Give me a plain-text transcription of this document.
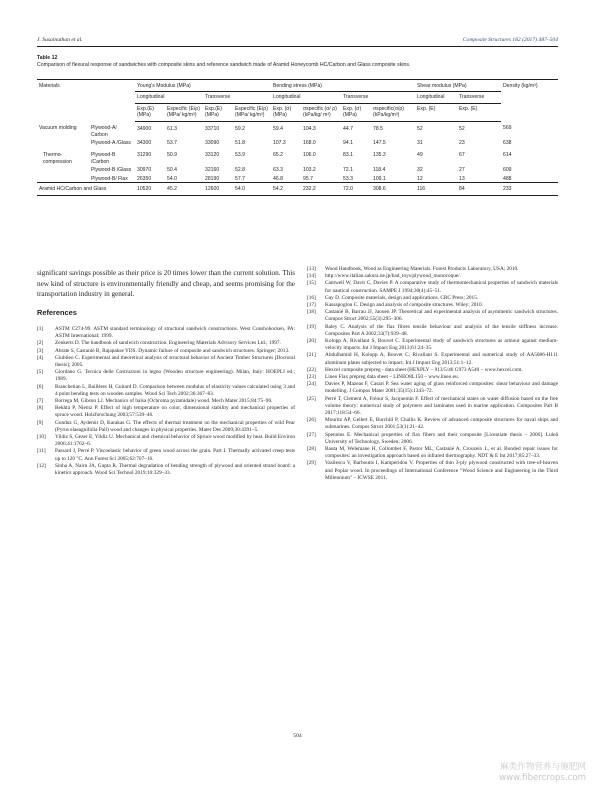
J. Susainathan et al.	Composite Structures 182 (2017) 487–504
Table 12
Comparison of flexural response of sandwiches with composite skins and reference sandwich made of Aramid Honeycomb HC/Carbon and Glass composite skins.
Materials		Young's Modulus (MPa)				Bending stress (MPa)				Shear modulus (MPa)		Density (kg/m³)
		Longitudinal		Transverse		Longitudinal		Transverse		Longitudinal	Transverse	
		Exp.(E) (MPa)	Especific (E/ρ) (MPa/ kg/m³)	Exp.(E) (MPa)	Especific (E/ρ) (MPa/ kg/m³)	Exp. (σ) (MPa)	σspecific (σ/ ρ) (kPa/kg/ m³)	Exp. (σ) (MPa)	σspecific(σ/ρ) (kPa/kg/m³)	Exp. (E)	Exp. (E)	
Vacuum molding	Plywood-A/ Carbon	34900	61.3	33710	59.2	59.4	104.3	44.7	78.5	52	52	569
	Plywood-A /Glass	34300	53.7	33090	51.8	107.3	168.0	94.1	147.5	31	23	638
Thermo-compression	Plywood-B /Carbon	31290	50.9	33120	53.9	65.2	106.0	83.1	135.3	49	67	614
	Plywood-B /Glass	30970	50.4	32160	52.8	63.3	103.2	72.1	118.4	32	27	609
	Plywood-B/ Flax	26350	54.0	28190	57.7	46.8	95.7	53.3	109.1	12	13	488
Aramid HC/Carbon and Glass		10520	45.2	12600	54.0	54.2	232.2	72.0	308.6	116	84	233

significant savings possible as their price is 20 times lower than the current solution. This new kind of structure is environmentally friendly and cheap, and seems promising for the transportation industry in general.

References
[1] ASTM C274-99. ASTM standard terminology of structural sandwich constructions. West Conshohocken, PA: ASTM International; 1999.
[2] Zenkerts D. The handbook of sandwich construction. Engineering Materials Advisory Services Ltd.; 1997.
[3] Abrate S, Castanié B, Rajapakse YDS. Dynamic failure of composite and sandwich structures. Springer; 2013.
[4] Giubileo C. Experimental and theoretical analysis of structural behavior of Ancient Timber Structures [Doctoral thesis]; 2005.
[5] Giordano G. Tecnica delle Costruzioni in legno (Wooden structure engineering). Milan, Italy: HOEPLI ed.; 1989.
[6] Branchetian L, Baillères H, Guitard D. Comparison between modulus of elasticity values calculated using 3 and 4 point bending tests on wooden samples. Wood Sci Tech 2002;36:367–83.
[7] Borrega M, Gibson LJ. Mechanics of balsa (Ochroma pyramidale) wood. Mech Mater 2015;84:75–90.
[8] Bekhta P, Niemz P. Effect of high temperature on color, dimensional stability and mechanical properties of spruce wood. Holzforschung 2003;57:539–46.
[9] Gunduz G, Aydemir D, Karakas G. The effects of thermal treatment on the mechanical properties of wild Pear (Pyrus elaeagnifolia Pall) wood and changes in physical properties. Mater Des 2009;30:4391–5.
[10] Yildiz S, Gezer E, Yildiz U. Mechanical and chemical behavior of Spruce wood modified by heat. Build Environ 2006;41:1762–6.
[11] Passard J, Perré P. Viscoelastic behavior of green wood across the grain. Part I. Thermally activated creep tests up to 120 °C. Ann Forest Sci 2005;62:707–16.
[12] Sinha A, Nairn JA, Gupta R. Thermal degradation of bending strength of plywood and oriented strand board: a kinetics approach. Wood Sci Technol 2019;10:329–33.
[13] Wood Handbook, Wood as Engineering Materials. Forest Products Laboratory, USA; 2010.
[14] http://www.italian.sakura.ne.jp/bad_toys/plywood_monocoque/.
[15] Cantwell W, Davit C, Davies P. A comparative study of thermomechanical properties of sandwich materials for nautical construction. SAMPE J 1994;30(4):45–51.
[16] Gay D. Composite materials, design and applications. CRC Press; 2015.
[17] Kassapoglou C. Design and analysis of composite structures. Wiley; 2010.
[18] Castanié B, Barrau JJ, Jaouen JP. Theoretical and experimental analysis of asymmetric sandwich structures. Compos Struct 2002;55(3):295–306.
[19] Baley C. Analysis of the flax fibres tensile behaviour and analysis of the tensile stiffness increase. Composites Part A 2002;33(7):939–48.
[20] Kolopp A, Rivallant S, Bouvet C. Experimental study of sandwich structures as armour against medium-velocity impacts. Int J Impact Eng 2013;61:24–35.
[21] Abdulhamid H, Kolopp A, Bouvet C, Rivallant S. Experimental and numerical study of AA5086-H111 aluminum plates subjected to impact. Int J Impact Eng 2013;51:1–12.
[22] Hexcel composite prepreg - data sheet (HEXPLY – 913/5/46 G973 A540 – www.hexcel.com.
[23] Lineo Flax prepreg data sheet – LINEO8L150 – www.lineo.eu.
[24] Davies P, Mazeas F, Casari P. Sea water aging of glass reinforced composites: shear behaviour and damage modelling. J Compos Mater 2001;35(15):1343–72.
[25] Perré T, Clement A, Fréour S, Jacquemin F. Effect of mechanical states on water diffusion based on the free volume theory: numerical study of polymers and laminates used in marine application. Composites Part B 2017;118:54–66.
[26] Mouritz AP, Gellert E, Burchill P, Challis K. Review of advanced composite structures for naval ships and submarines. Compos Struct 2001;53(1):21–42.
[27] Spennins E. Mechanical properties of flax fibers and their composite [Licentiate thesis – 2006]. Luleå University of Technology, Sweden; 2006.
[28] Bauta M, Welemane H, Collombet F, Pastor ML, Castanié A, Crouzeix L, et al. Bonded repair issues for composites: an investigation approach based on infrared thermography. NDT & E Int 2017;85:27–33.
[29] Vasilescu V, Barboutis I, Kamperidou V. Properties of thin 3-ply plywood constructed with tree-of-heaven and Poplar wood. In proceedings of International Conference "Wood Science and Engineering in the Third Millennium" – ICWSE 2011.
504
麻类作物营养与施肥网
www.fibercrops.com
